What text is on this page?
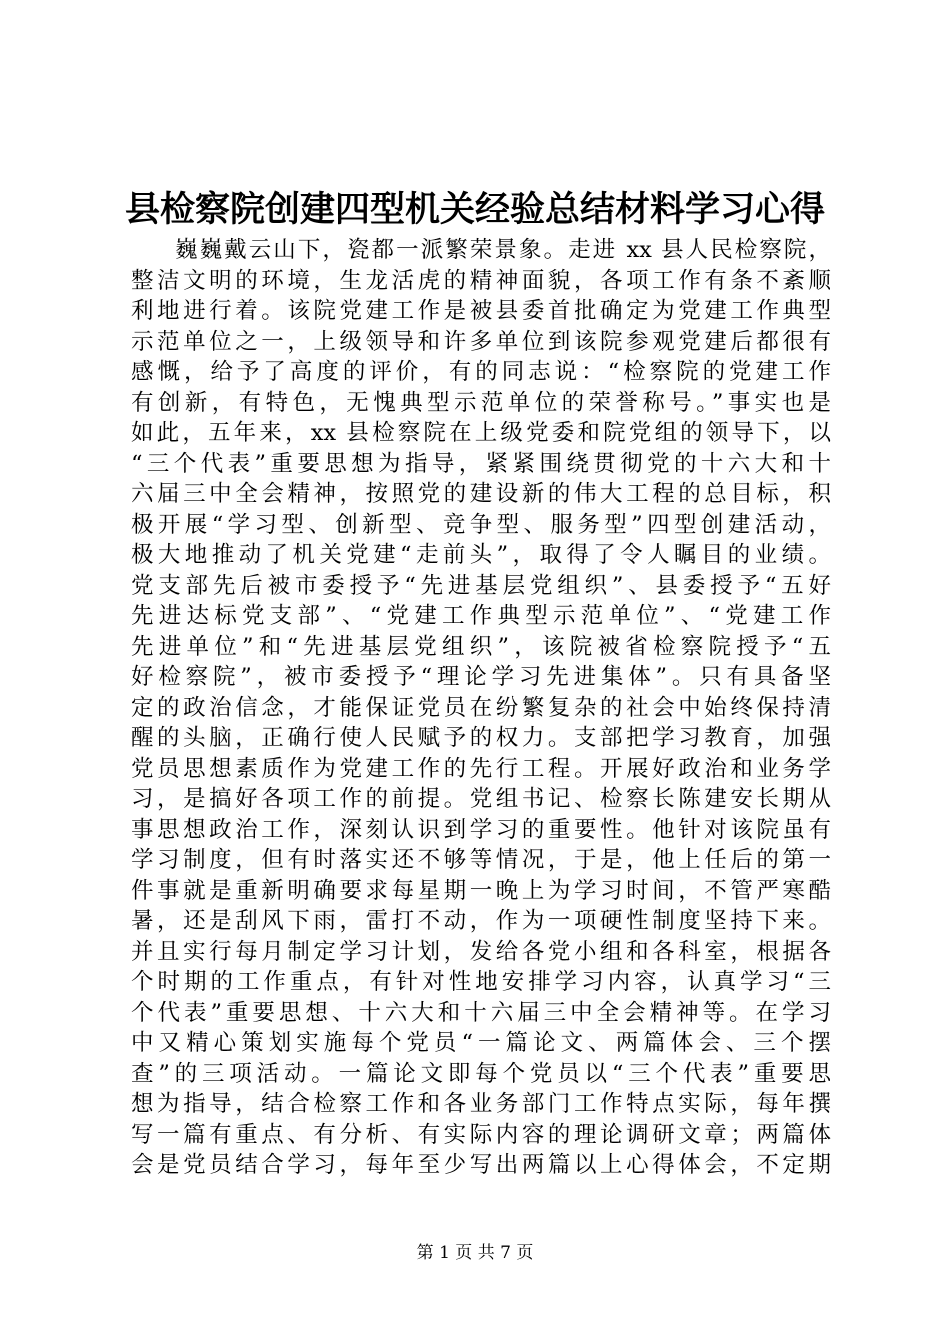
县检察院创建四型机关经验总结材料学习心得
巍巍戴云山下，瓷都一派繁荣景象。走进 xx 县人民检察院，
整洁文明的环境，生龙活虎的精神面貌，各项工作有条不紊顺
利地进行着。该院党建工作是被县委首批确定为党建工作典型
示范单位之一，上级领导和许多单位到该院参观党建后都很有
感慨，给予了高度的评价，有的同志说：“检察院的党建工作
有创新，有特色，无愧典型示范单位的荣誉称号。”事实也是
如此，五年来，xx 县检察院在上级党委和院党组的领导下，以
“三个代表”重要思想为指导，紧紧围绕贯彻党的十六大和十
六届三中全会精神，按照党的建设新的伟大工程的总目标，积
极开展“学习型、创新型、竞争型、服务型”四型创建活动，
极大地推动了机关党建“走前头”，取得了令人瞩目的业绩。
党支部先后被市委授予“先进基层党组织”、县委授予“五好
先进达标党支部”、“党建工作典型示范单位”、“党建工作
先进单位”和“先进基层党组织”，该院被省检察院授予“五
好检察院”，被市委授予“理论学习先进集体”。只有具备坚
定的政治信念，才能保证党员在纷繁复杂的社会中始终保持清
醒的头脑，正确行使人民赋予的权力。支部把学习教育，加强
党员思想素质作为党建工作的先行工程。开展好政治和业务学
习，是搞好各项工作的前提。党组书记、检察长陈建安长期从
事思想政治工作，深刻认识到学习的重要性。他针对该院虽有
学习制度，但有时落实还不够等情况，于是，他上任后的第一
件事就是重新明确要求每星期一晚上为学习时间，不管严寒酷
暑，还是刮风下雨，雷打不动，作为一项硬性制度坚持下来。
并且实行每月制定学习计划，发给各党小组和各科室，根据各
个时期的工作重点，有针对性地安排学习内容，认真学习“三
个代表”重要思想、十六大和十六届三中全会精神等。在学习
中又精心策划实施每个党员“一篇论文、两篇体会、三个摆
查”的三项活动。一篇论文即每个党员以“三个代表”重要思
想为指导，结合检察工作和各业务部门工作特点实际，每年撰
写一篇有重点、有分析、有实际内容的理论调研文章；两篇体
会是党员结合学习，每年至少写出两篇以上心得体会，不定期
第 1 页 共 7 页
